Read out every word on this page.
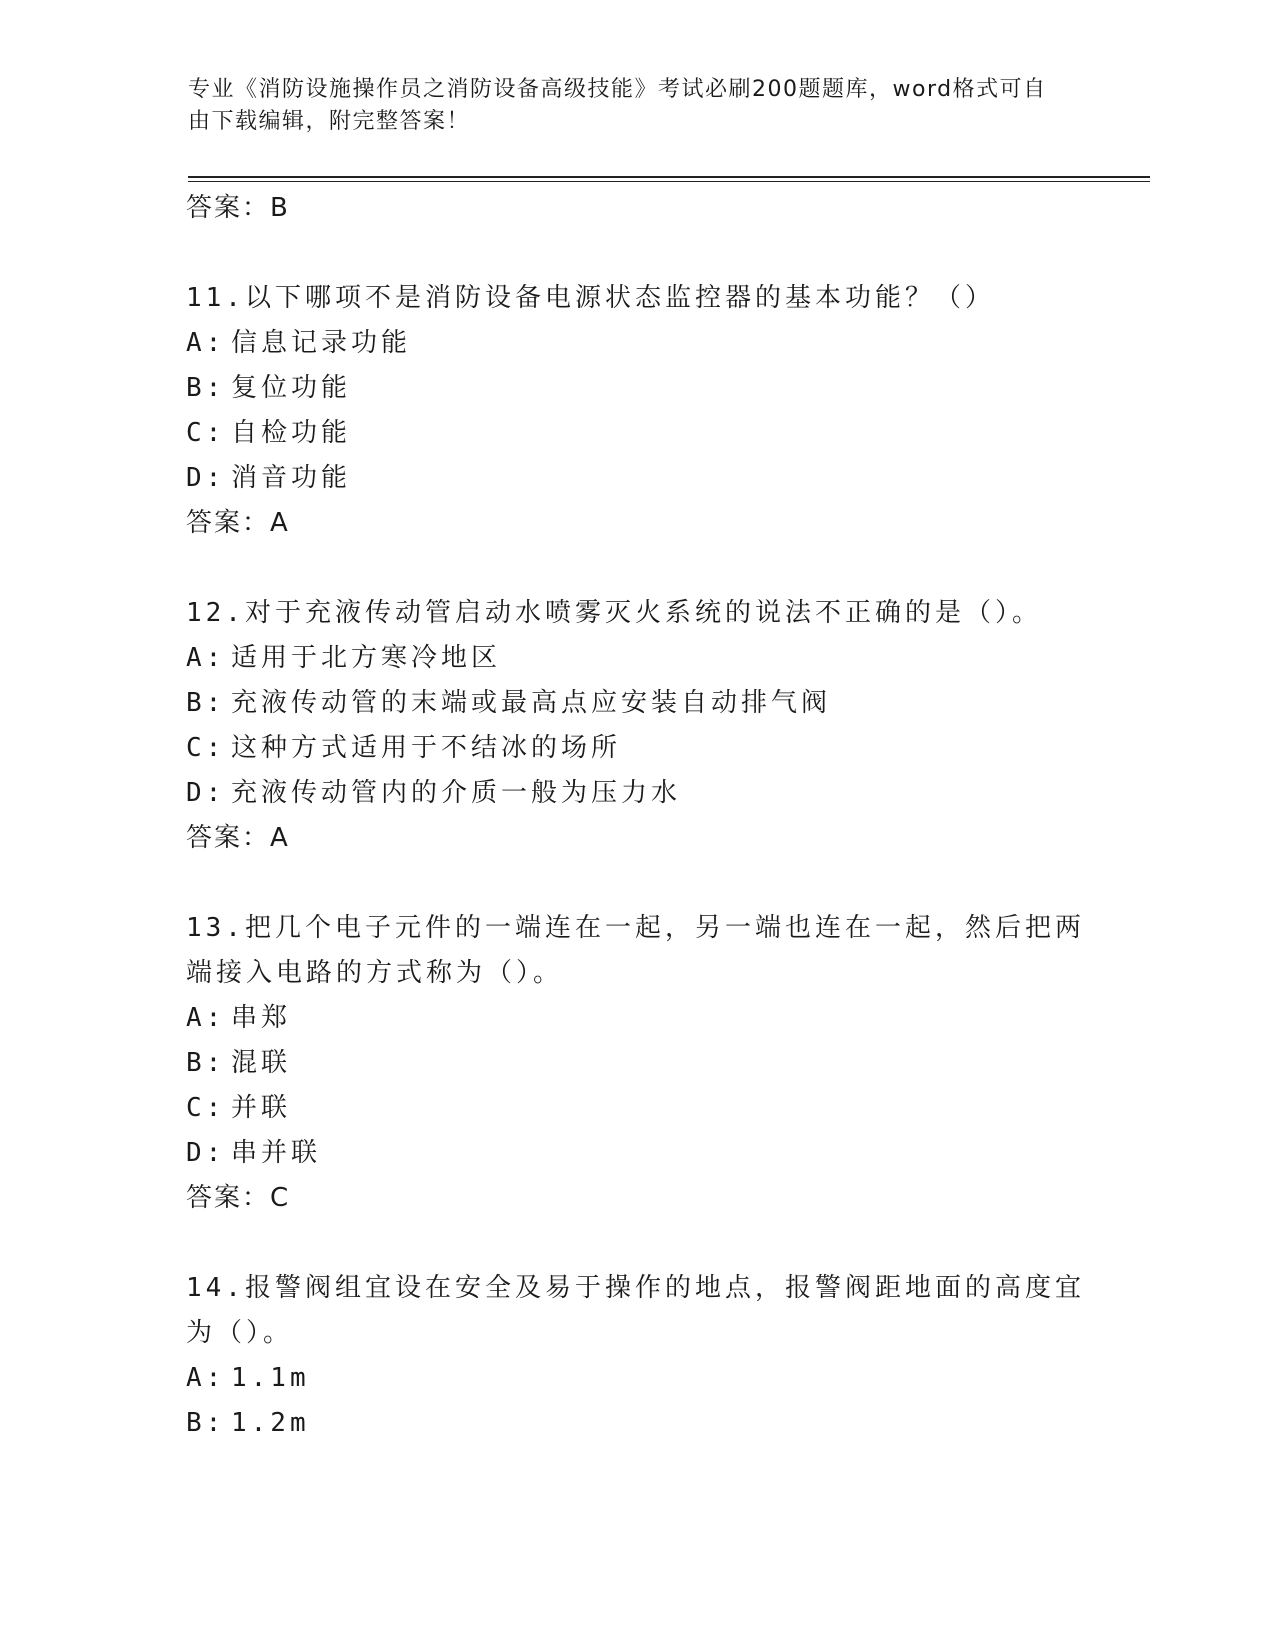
专业《消防设施操作员之消防设备高级技能》考试必刷200题题库，word格式可自由下载编辑，附完整答案！
答案：B

11.以下哪项不是消防设备电源状态监控器的基本功能？（）

A: 信息记录功能
B: 复位功能
C: 自检功能
D: 消音功能
答案：A

12.对于充液传动管启动水喷雾灭火系统的说法不正确的是（）。

A: 适用于北方寒冷地区
B: 充液传动管的末端或最高点应安装自动排气阀
C: 这种方式适用于不结冰的场所
D: 充液传动管内的介质一般为压力水
答案：A

13.把几个电子元件的一端连在一起，另一端也连在一起，然后把两端接入电路的方式称为（）。

A: 串郑
B: 混联
C: 并联
D: 串并联
答案：C

14.报警阀组宜设在安全及易于操作的地点，报警阀距地面的高度宜为（）。

A: 1.1m
B: 1.2m
